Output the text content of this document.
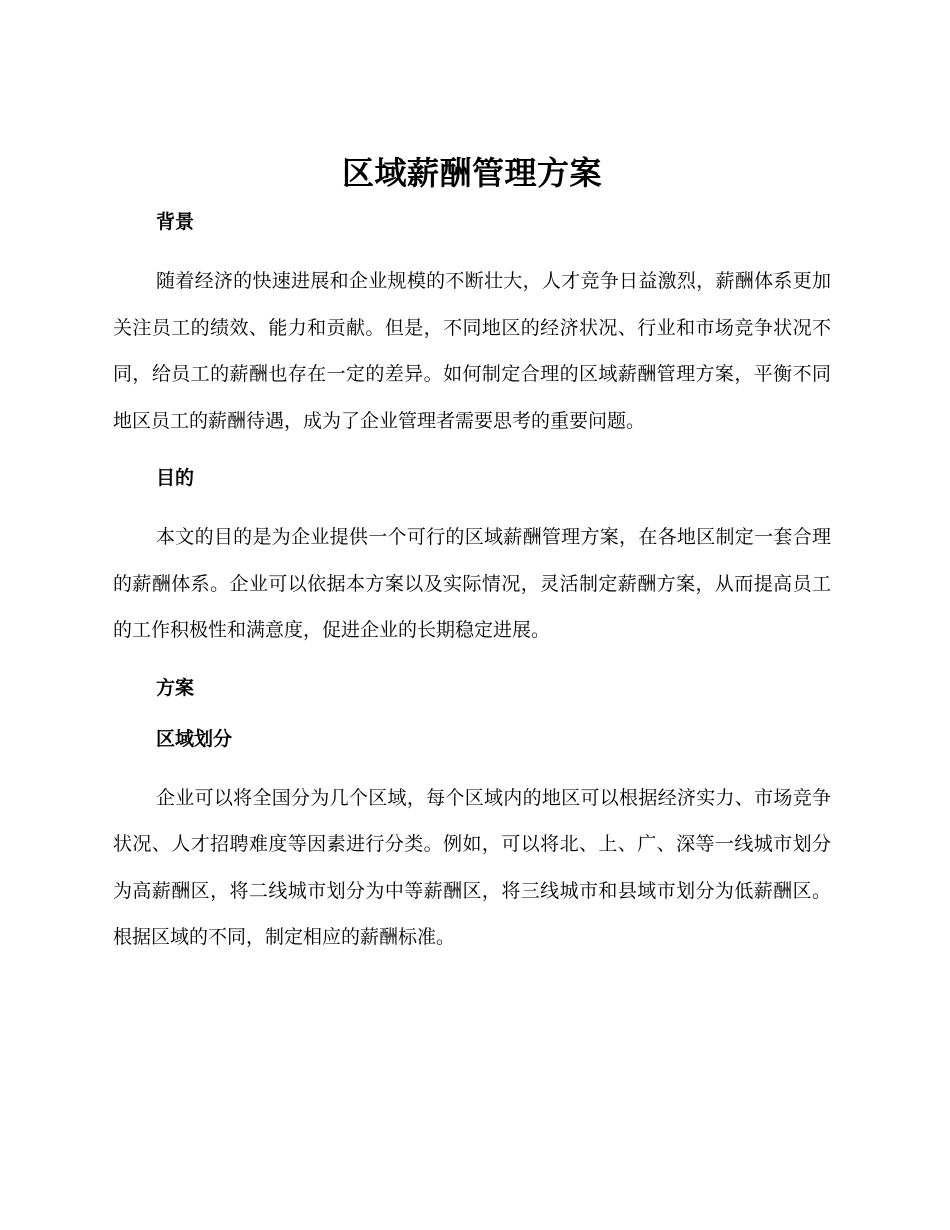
区域薪酬管理方案
背景

随着经济的快速进展和企业规模的不断壮大，人才竞争日益激烈，薪酬体系更加关注员工的绩效、能力和贡献。但是，不同地区的经济状况、行业和市场竞争状况不同，给员工的薪酬也存在一定的差异。如何制定合理的区域薪酬管理方案，平衡不同地区员工的薪酬待遇，成为了企业管理者需要思考的重要问题。

目的

本文的目的是为企业提供一个可行的区域薪酬管理方案，在各地区制定一套合理的薪酬体系。企业可以依据本方案以及实际情况，灵活制定薪酬方案，从而提高员工的工作积极性和满意度，促进企业的长期稳定进展。

方案
区域划分

企业可以将全国分为几个区域，每个区域内的地区可以根据经济实力、市场竞争状况、人才招聘难度等因素进行分类。例如，可以将北、上、广、深等一线城市划分为高薪酬区，将二线城市划分为中等薪酬区，将三线城市和县域市划分为低薪酬区。根据区域的不同，制定相应的薪酬标准。
